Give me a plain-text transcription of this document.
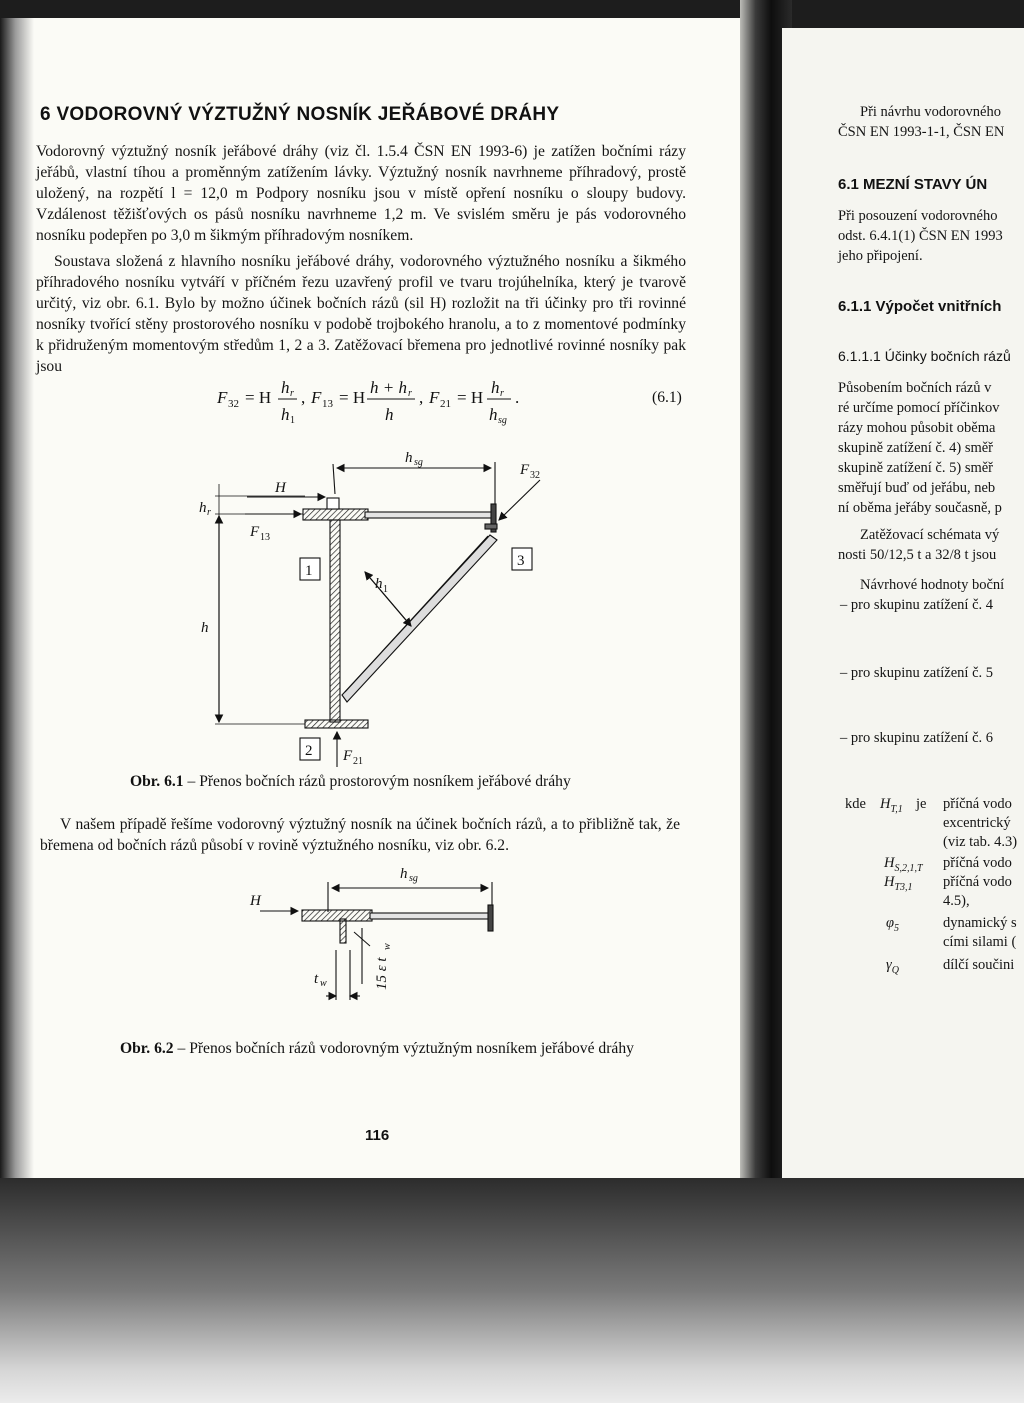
6 VODOROVNÝ VÝZTUŽNÝ NOSNÍK JEŘÁBOVÉ DRÁHY
Vodorovný výztužný nosník jeřábové dráhy (viz čl. 1.5.4 ČSN EN 1993-6) je zatížen bočními rázy jeřábů, vlastní tíhou a proměnným zatížením lávky. Výztužný nosník navrhneme příhradový, prostě uložený, na rozpětí l = 12,0 m Podpory nosníku jsou v místě opření nosníku o sloupy budovy. Vzdálenost těžišťových os pásů nosníku navrhneme 1,2 m. Ve svislém směru je pás vodorovného nosníku podepřen po 3,0 m šikmým příhradovým nosníkem.
Soustava složená z hlavního nosníku jeřábové dráhy, vodorovného výztužného nosníku a šikmého příhradového nosníku vytváří v příčném řezu uzavřený profil ve tvaru trojúhelníka, který je tvarově určitý, viz obr. 6.1. Bylo by možno účinek bočních rázů (sil H) rozložit na tři účinky pro tři rovinné nosníky tvořící stěny prostorového nosníku v podobě trojbokého hranolu, a to z momentové podmínky k přidruženým momentovým středům 1, 2 a 3. Zatěžovací břemena pro jednotlivé rovinné nosníky pak jsou
F 32 = H
h r
h 1
, F 13 = H
h + h r
h
, F 21 = H
h r
h sg
.	(6.1)
h sg	F 32
H
F 13
h r
h
h 1
1
2
3
F 21
Obr. 6.1 – Přenos bočních rázů prostorovým nosníkem jeřábové dráhy
V našem případě řešíme vodorovný výztužný nosník na účinek bočních rázů, a to přibližně tak, že břemena od bočních rázů působí v rovině výztužného nosníku, viz obr. 6.2.
h sg
H
t w	15 ε t
w
Obr. 6.2 – Přenos bočních rázů vodorovným výztužným nosníkem jeřábové dráhy
116
Při návrhu vodorovného
ČSN EN 1993-1-1, ČSN EN
6.1 MEZNÍ STAVY ÚN
Při posouzení vodorovného
odst. 6.4.1(1) ČSN EN 1993
jeho připojení.
6.1.1 Výpočet vnitřních
6.1.1.1 Účinky bočních rázů
Působením bočních rázů v
ré určíme pomocí příčinkov
rázy mohou působit oběma
skupině zatížení č. 4) směř
skupině zatížení č. 5) směř
směřují buď od jeřábu, neb
ní oběma jeřáby současně, p
Zatěžovací schémata vý
nosti 50/12,5 t a 32/8 t jsou
Návrhové hodnoty boční
– pro skupinu zatížení č. 4
– pro skupinu zatížení č. 5
– pro skupinu zatížení č. 6
kde $H_{T,1}$ je příčná vodo
excentrický
(viz tab. 4.3)
$H_{S,2,1,T}$ příčná vodo
$H_{T3,1}$ příčná vodo
4.5),
$\varphi_5$	dynamický s
cími silami (
$\gamma_Q$	dílčí součini
